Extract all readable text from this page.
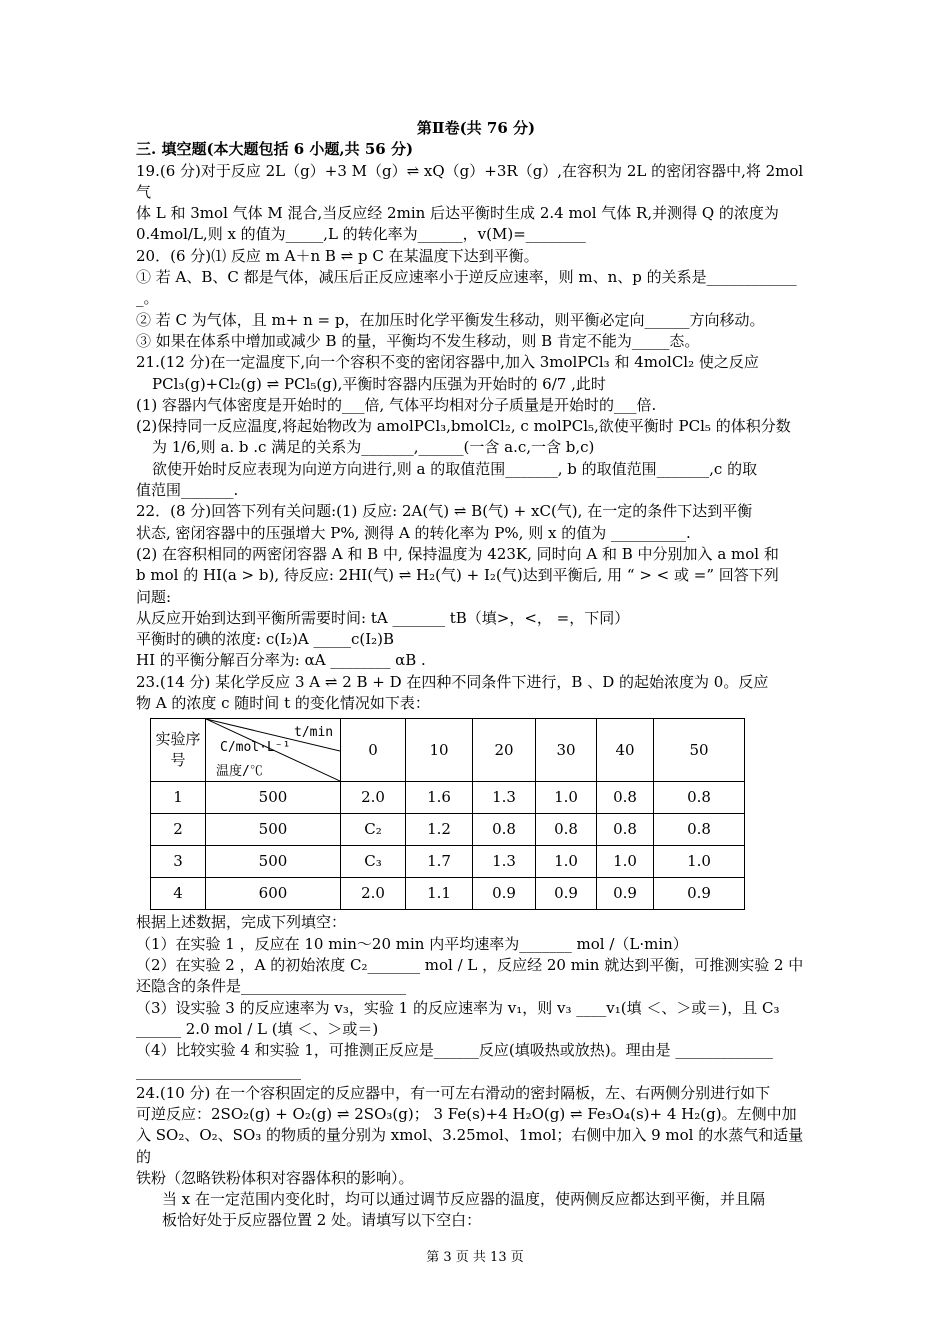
第Ⅱ卷(共 76 分)

三. 填空题(本大题包括 6 小题,共 56 分)

19.(6 分)对于反应 2L（g）+3 M（g）⇌ xQ（g）+3R（g）,在容积为 2L 的密闭容器中,将 2mol 气

体 L 和 3mol 气体 M 混合,当反应经 2min 后达平衡时生成 2.4 mol 气体 R,并测得 Q 的浓度为

0.4mol/L,则 x 的值为_____,L 的转化率为______，v(M)=________

20．(6 分)⑴ 反应 m A＋n B ⇌ p C 在某温度下达到平衡。

① 若 A、B、C 都是气体，减压后正反应速率小于逆反应速率，则 m、n、p 的关系是____________

_。

② 若 C 为气体，且 m+ n = p，在加压时化学平衡发生移动，则平衡必定向______方向移动。

③ 如果在体系中增加或减少 B 的量，平衡均不发生移动，则 B 肯定不能为_____态。

21.(12 分)在一定温度下,向一个容积不变的密闭容器中,加入 3molPCl₃ 和 4molCl₂ 使之反应

PCl₃(g)+Cl₂(g) ⇌ PCl₅(g),平衡时容器内压强为开始时的 6/7 ,此时

(1) 容器内气体密度是开始时的___倍, 气体平均相对分子质量是开始时的___倍.

(2)保持同一反应温度,将起始物改为 amolPCl₃,bmolCl₂, c molPCl₅,欲使平衡时 PCl₅ 的体积分数

为 1/6,则 a. b .c 满足的关系为_______,______(一含 a.c,一含 b,c)

欲使开始时反应表现为向逆方向进行,则 a 的取值范围_______, b 的取值范围_______,c 的取

值范围_______.

22．(8 分)回答下列有关问题:(1) 反应: 2A(气) ⇌ B(气) + xC(气), 在一定的条件下达到平衡

状态, 密闭容器中的压强增大 P%, 测得 A 的转化率为 P%, 则 x 的值为 __________.

(2) 在容积相同的两密闭容器 A 和 B 中, 保持温度为 423K, 同时向 A 和 B 中分别加入 a mol 和

b mol 的 HI(a > b), 待反应: 2HI(气) ⇌ H₂(气) + I₂(气)达到平衡后, 用 “ > < 或 =” 回答下列

问题:

从反应开始到达到平衡所需要时间: tA _______ tB（填>，<， =，下同）

平衡时的碘的浓度: c(I₂)A _____c(I₂)B

HI 的平衡分解百分率为: αA ________ αB .

23.(14 分) 某化学反应 3 A ⇌ 2 B + D 在四种不同条件下进行，B 、D 的起始浓度为 0。反应

物 A 的浓度 c 随时间 t 的变化情况如下表：

实验序号	t/min
C/mol·L⁻¹
温度/℃	0	10	20	30	40	50
1	500	2.0	1.6	1.3	1.0	0.8	0.8
2	500	C₂	1.2	0.8	0.8	0.8	0.8
3	500	C₃	1.7	1.3	1.0	1.0	1.0
4	600	2.0	1.1	0.9	0.9	0.9	0.9

根据上述数据，完成下列填空：

（1）在实验 1 ，反应在 10 min～20 min 内平均速率为_______ mol /（L·min）

（2）在实验 2 ，A 的初始浓度 C₂_______ mol / L ，反应经 20 min 就达到平衡，可推测实验 2 中

还隐含的条件是______________________

（3）设实验 3 的反应速率为 v₃，实验 1 的反应速率为 v₁，则 v₃ ____v₁(填 ＜、＞或＝)，且 C₃

______ 2.0 mol / L (填 ＜、＞或＝)

（4）比较实验 4 和实验 1，可推测正反应是______反应(填吸热或放热)。理由是 _____________

______________________

24.(10 分) 在一个容积固定的反应器中，有一可左右滑动的密封隔板，左、右两侧分别进行如下

可逆反应：2SO₂(g) + O₂(g) ⇌ 2SO₃(g)； 3 Fe(s)+4 H₂O(g) ⇌ Fe₃O₄(s)+ 4 H₂(g)。左侧中加

入 SO₂、O₂、SO₃ 的物质的量分别为 xmol、3.25mol、1mol；右侧中加入 9 mol 的水蒸气和适量的

铁粉（忽略铁粉体积对容器体积的影响）。

当 x 在一定范围内变化时，均可以通过调节反应器的温度，使两侧反应都达到平衡，并且隔

板恰好处于反应器位置 2 处。请填写以下空白：

第 3 页 共 13 页
